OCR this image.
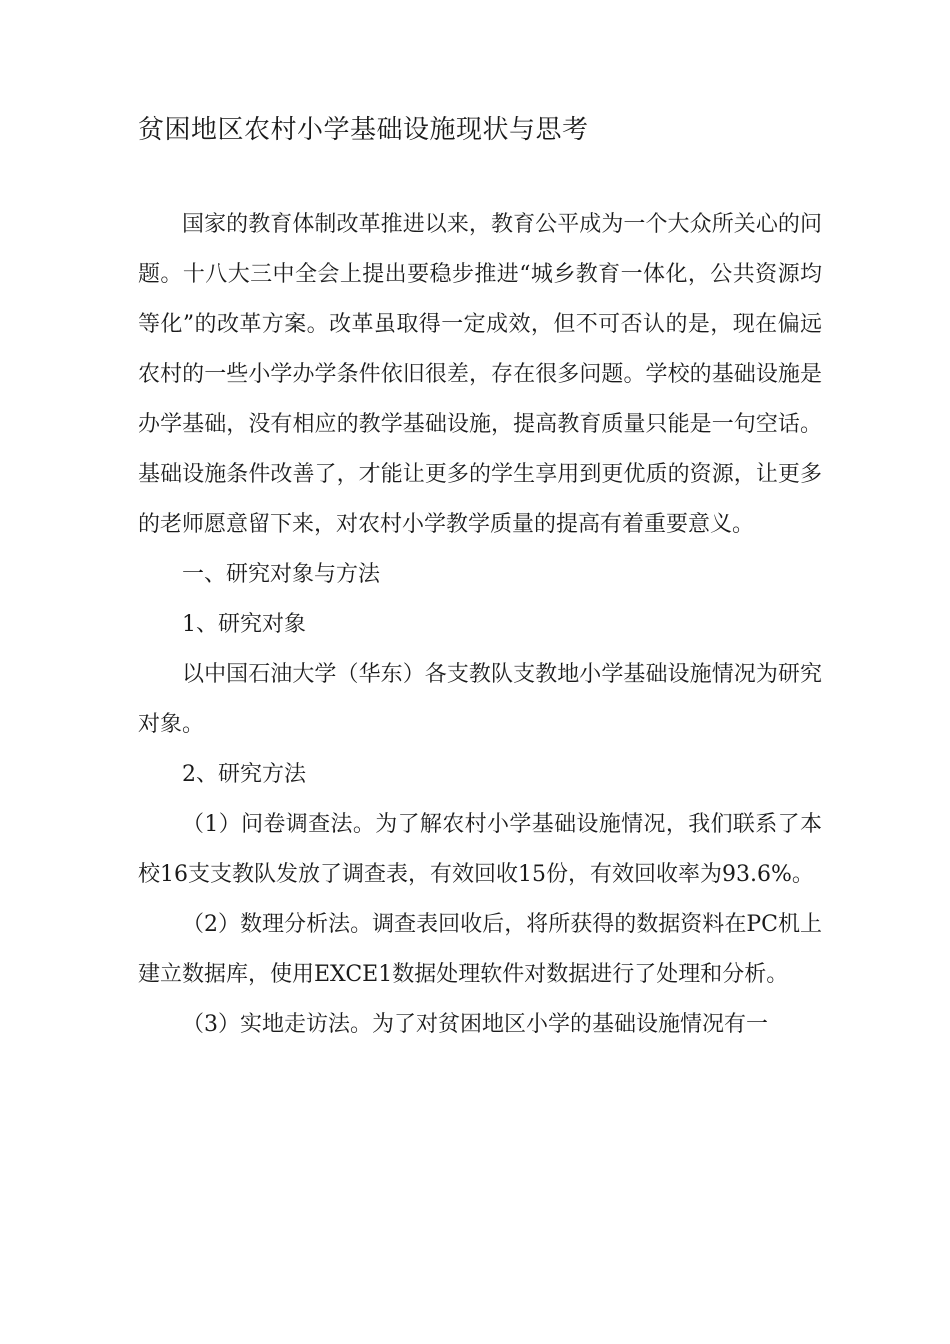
贫困地区农村小学基础设施现状与思考

国家的教育体制改革推进以来，教育公平成为一个大众所关心的问题。十八大三中全会上提出要稳步推进“城乡教育一体化，公共资源均等化”的改革方案。改革虽取得一定成效，但不可否认的是，现在偏远农村的一些小学办学条件依旧很差，存在很多问题。学校的基础设施是办学基础，没有相应的教学基础设施，提高教育质量只能是一句空话。基础设施条件改善了，才能让更多的学生享用到更优质的资源，让更多的老师愿意留下来，对农村小学教学质量的提高有着重要意义。

一、研究对象与方法

1、研究对象

以中国石油大学（华东）各支教队支教地小学基础设施情况为研究对象。

2、研究方法

（1）问卷调查法。为了解农村小学基础设施情况，我们联系了本校16支支教队发放了调查表，有效回收15份，有效回收率为93.6%。

（2）数理分析法。调查表回收后，将所获得的数据资料在PC机上建立数据库，使用EXCE1数据处理软件对数据进行了处理和分析。

（3）实地走访法。为了对贫困地区小学的基础设施情况有一
